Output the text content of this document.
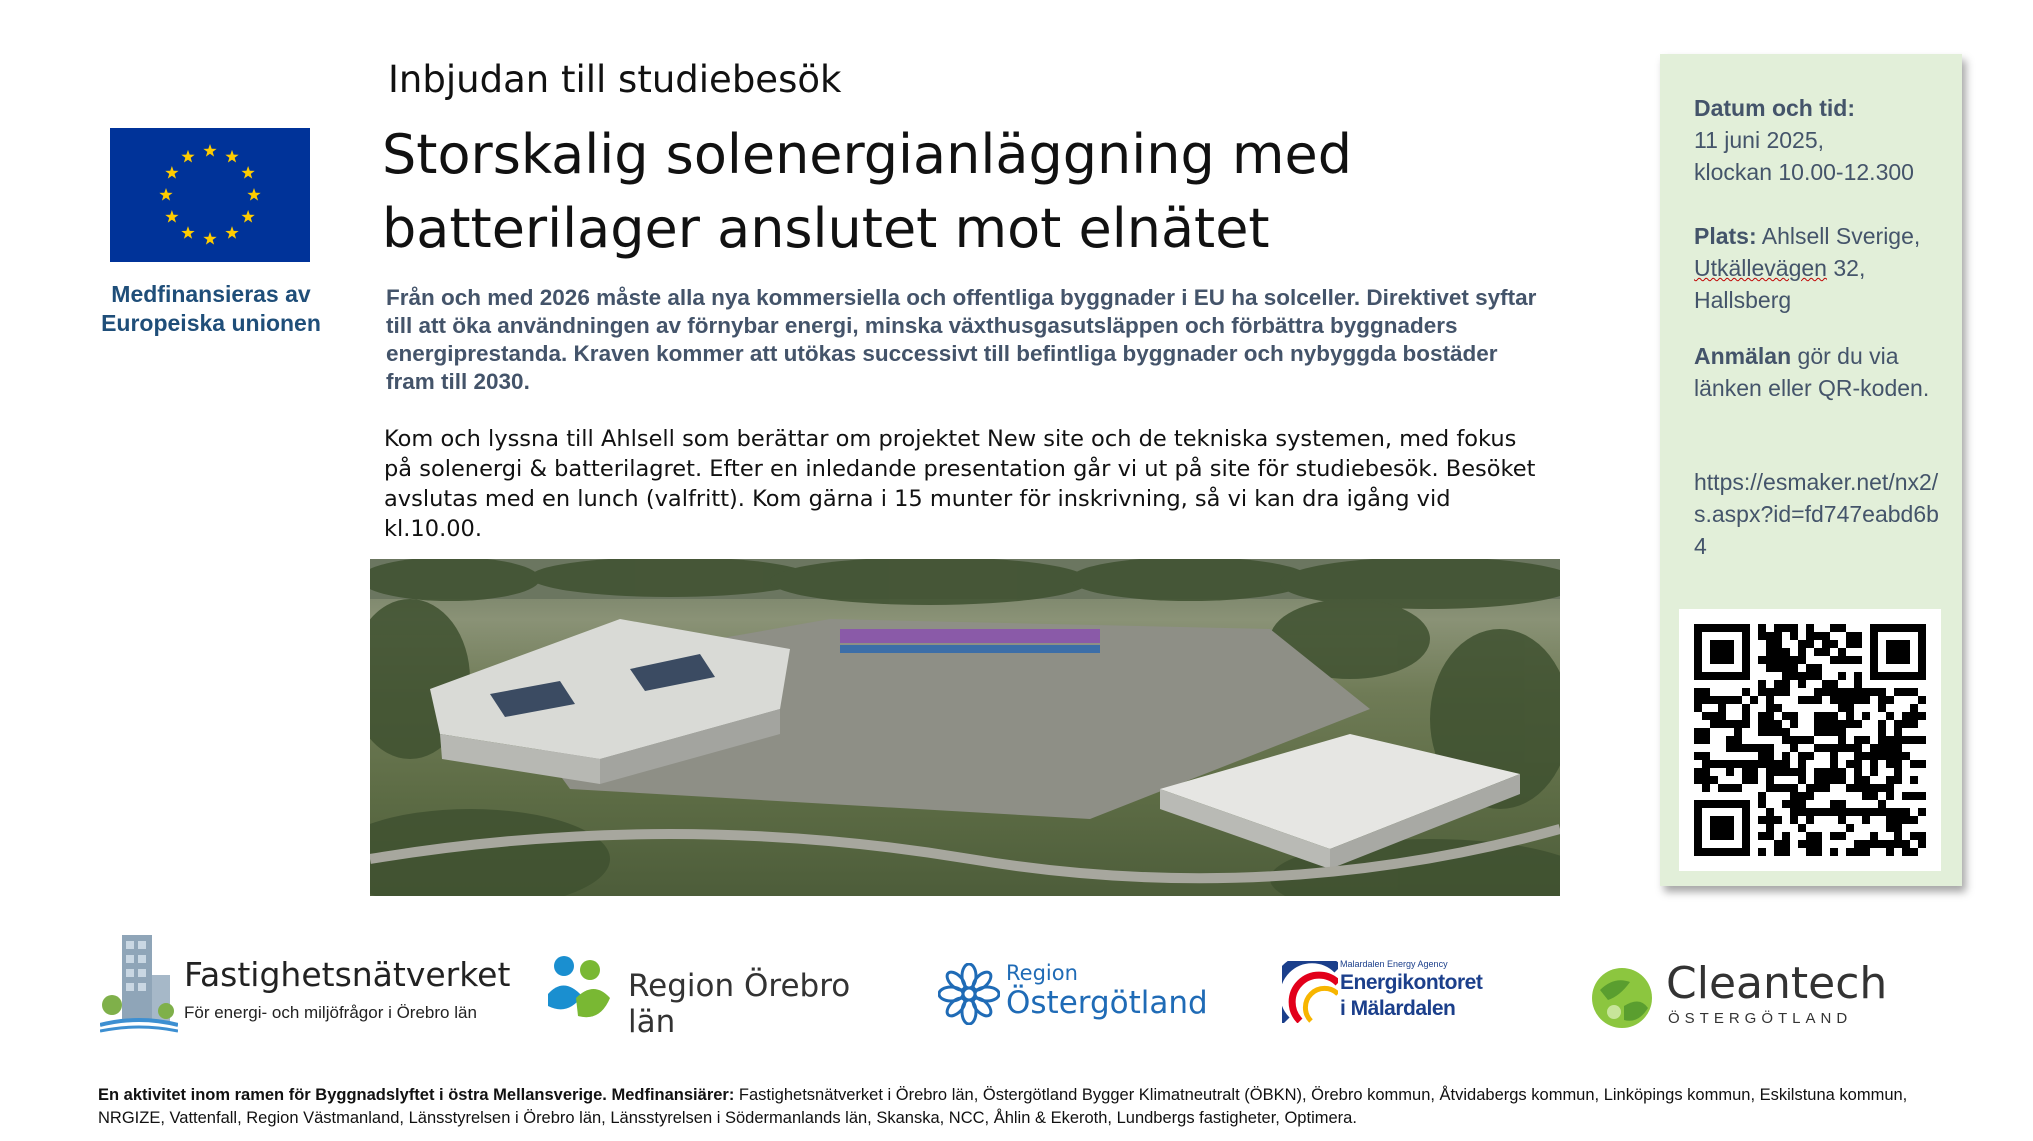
Medfinansieras av
Europeiska unionen
Inbjudan till studiebesök
Storskalig solenergianläggning med
batterilager anslutet mot elnätet
Från och med 2026 måste alla nya kommersiella och offentliga byggnader i EU ha solceller. Direktivet syftar till att öka användningen av förnybar energi, minska växthusgasutsläppen och förbättra byggnaders energiprestanda. Kraven kommer att utökas successivt till befintliga byggnader och nybyggda bostäder fram till 2030.
Kom och lyssna till Ahlsell som berättar om projektet New site och de tekniska systemen, med fokus på solenergi & batterilagret. Efter en inledande presentation går vi ut på site för studiebesök. Besöket avslutas med en lunch (valfritt). Kom gärna i 15 munter för inskrivning, så vi kan dra igång vid kl.10.00.
Datum och tid:
11 juni 2025,
klockan 10.00-12.300
Plats: Ahlsell Sverige, Utkällevägen 32, Hallsberg
Anmälan gör du via länken eller QR-koden.
https://esmaker.net/nx2/s.aspx?id=fd747eabd6b4
Fastighetsnätverket
För energi- och miljöfrågor i Örebro län
Region Örebro län
Region
Östergötland
Malardalen Energy Agency
Energikontoret
i Mälardalen	Cleantech
ÖSTERGÖTLAND
En aktivitet inom ramen för Byggnadslyftet i östra Mellansverige. Medfinansiärer: Fastighetsnätverket i Örebro län, Östergötland Bygger Klimatneutralt (ÖBKN), Örebro kommun, Åtvidabergs kommun, Linköpings kommun, Eskilstuna kommun, NRGIZE, Vattenfall, Region Västmanland, Länsstyrelsen i Örebro län, Länsstyrelsen i Södermanlands län, Skanska, NCC, Åhlin & Ekeroth, Lundbergs fastigheter, Optimera.
